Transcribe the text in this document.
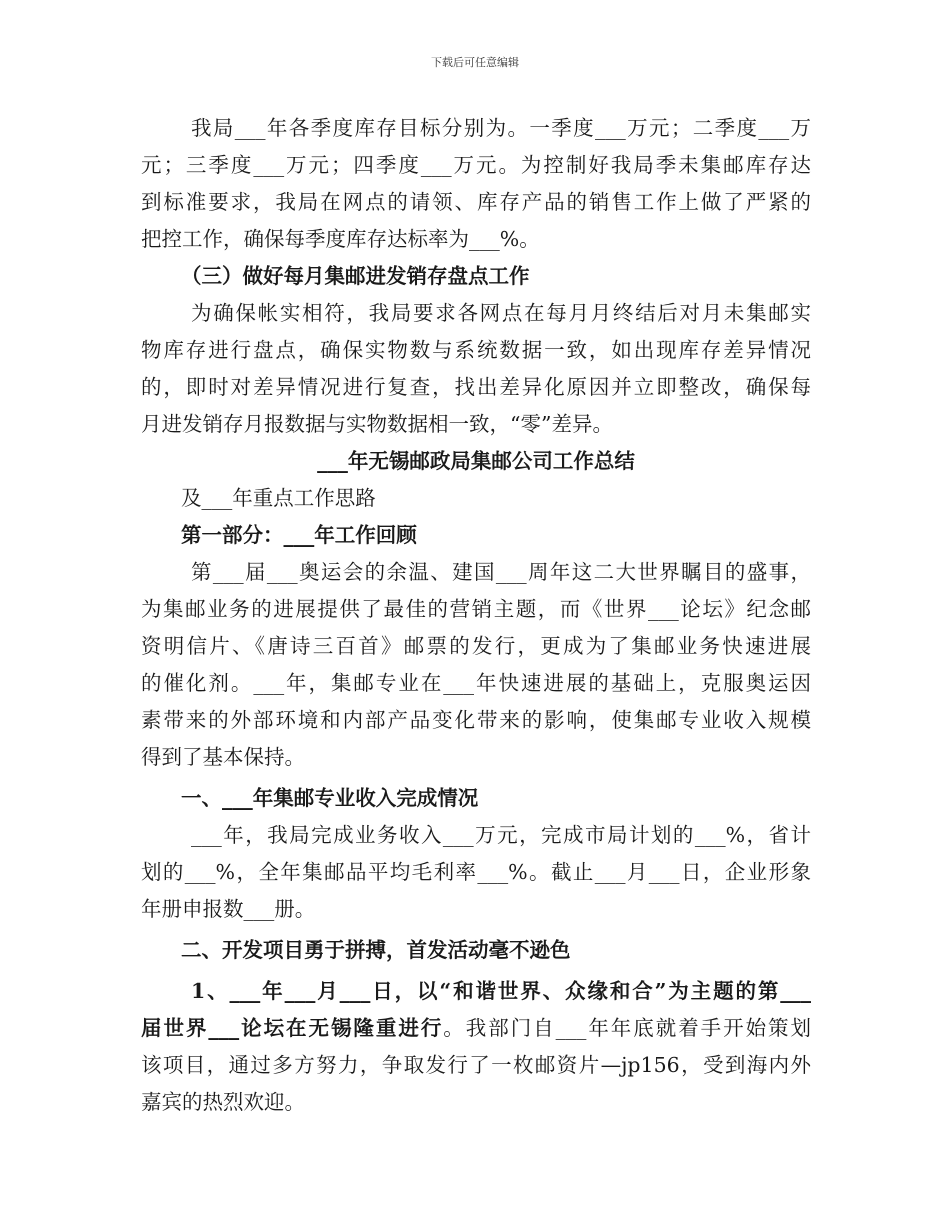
下载后可任意编辑
我局___年各季度库存目标分别为。一季度___万元；二季度___万
元；三季度___万元；四季度___万元。为控制好我局季未集邮库存达
到标准要求，我局在网点的请领、库存产品的销售工作上做了严紧的
把控工作，确保每季度库存达标率为___%。
（三）做好每月集邮进发销存盘点工作
为确保帐实相符，我局要求各网点在每月月终结后对月未集邮实
物库存进行盘点，确保实物数与系统数据一致，如出现库存差异情况
的，即时对差异情况进行复查，找出差异化原因并立即整改，确保每
月进发销存月报数据与实物数据相一致，“零”差异。
___年无锡邮政局集邮公司工作总结
及___年重点工作思路
第一部分：___年工作回顾
第___届___奥运会的余温、建国___周年这二大世界瞩目的盛事，
为集邮业务的进展提供了最佳的营销主题，而《世界___论坛》纪念邮
资明信片、《唐诗三百首》邮票的发行，更成为了集邮业务快速进展
的催化剂。___年，集邮专业在___年快速进展的基础上，克服奥运因
素带来的外部环境和内部产品变化带来的影响，使集邮专业收入规模
得到了基本保持。
一、___年集邮专业收入完成情况
___年，我局完成业务收入___万元，完成市局计划的___%，省计
划的___%，全年集邮品平均毛利率___%。截止___月___日，企业形象
年册申报数___册。
二、开发项目勇于拼搏，首发活动毫不逊色
1、___年___月___日，以“和谐世界、众缘和合”为主题的第___
届世界___论坛在无锡隆重进行。我部门自___年年底就着手开始策划
该项目，通过多方努力，争取发行了一枚邮资片—jp156，受到海内外
嘉宾的热烈欢迎。
